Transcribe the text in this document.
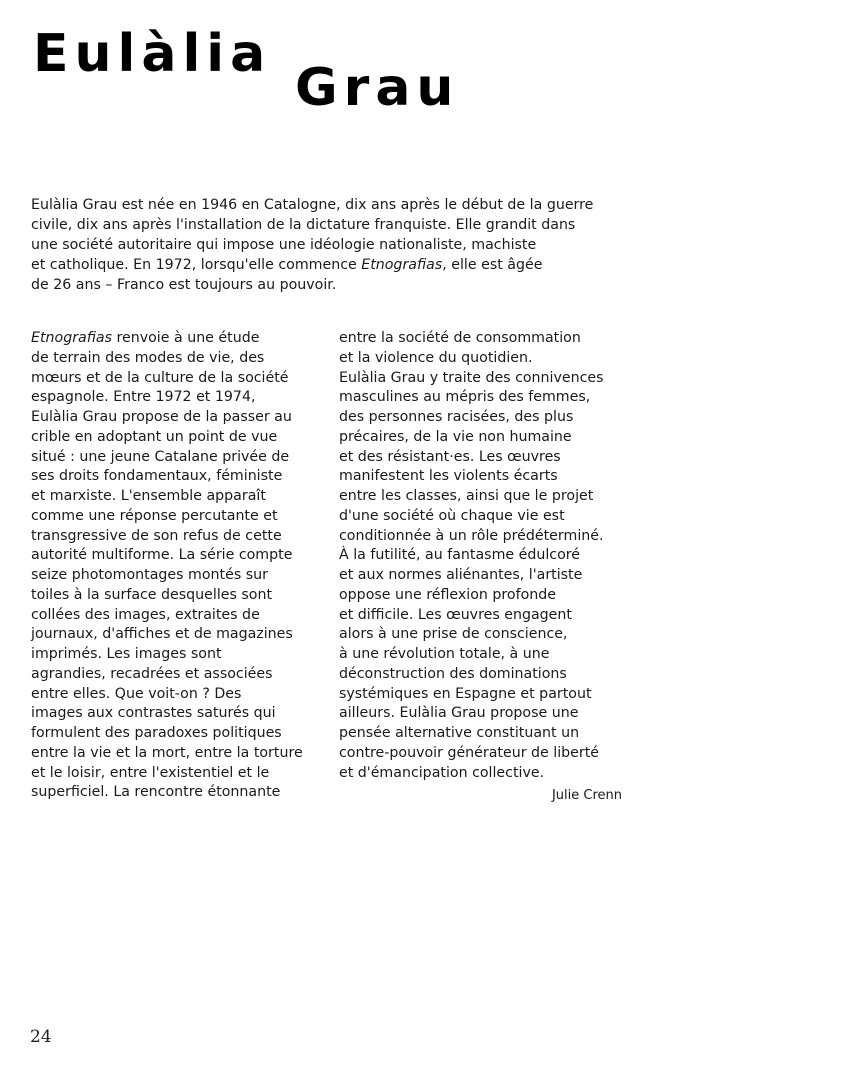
Eulàlia
Grau

Eulàlia Grau est née en 1946 en Catalogne, dix ans après le début de la guerre
civile, dix ans après l'installation de la dictature franquiste. Elle grandit dans
une société autoritaire qui impose une idéologie nationaliste, machiste
et catholique. En 1972, lorsqu'elle commence Etnografias, elle est âgée
de 26 ans – Franco est toujours au pouvoir.

Etnografias renvoie à une étude
de terrain des modes de vie, des
mœurs et de la culture de la société
espagnole. Entre 1972 et 1974,
Eulàlia Grau propose de la passer au
crible en adoptant un point de vue
situé : une jeune Catalane privée de
ses droits fondamentaux, féministe
et marxiste. L'ensemble apparaît
comme une réponse percutante et
transgressive de son refus de cette
autorité multiforme. La série compte
seize photomontages montés sur
toiles à la surface desquelles sont
collées des images, extraites de
journaux, d'affiches et de magazines
imprimés. Les images sont
agrandies, recadrées et associées
entre elles. Que voit-on ? Des
images aux contrastes saturés qui
formulent des paradoxes politiques
entre la vie et la mort, entre la torture
et le loisir, entre l'existentiel et le
superficiel. La rencontre étonnante

entre la société de consommation
et la violence du quotidien.
Eulàlia Grau y traite des connivences
masculines au mépris des femmes,
des personnes racisées, des plus
précaires, de la vie non humaine
et des résistant·es. Les œuvres
manifestent les violents écarts
entre les classes, ainsi que le projet
d'une société où chaque vie est
conditionnée à un rôle prédéterminé.
À la futilité, au fantasme édulcoré
et aux normes aliénantes, l'artiste
oppose une réflexion profonde
et difficile. Les œuvres engagent
alors à une prise de conscience,
à une révolution totale, à une
déconstruction des dominations
systémiques en Espagne et partout
ailleurs. Eulàlia Grau propose une
pensée alternative constituant un
contre-pouvoir générateur de liberté
et d'émancipation collective.

Julie Crenn

24
